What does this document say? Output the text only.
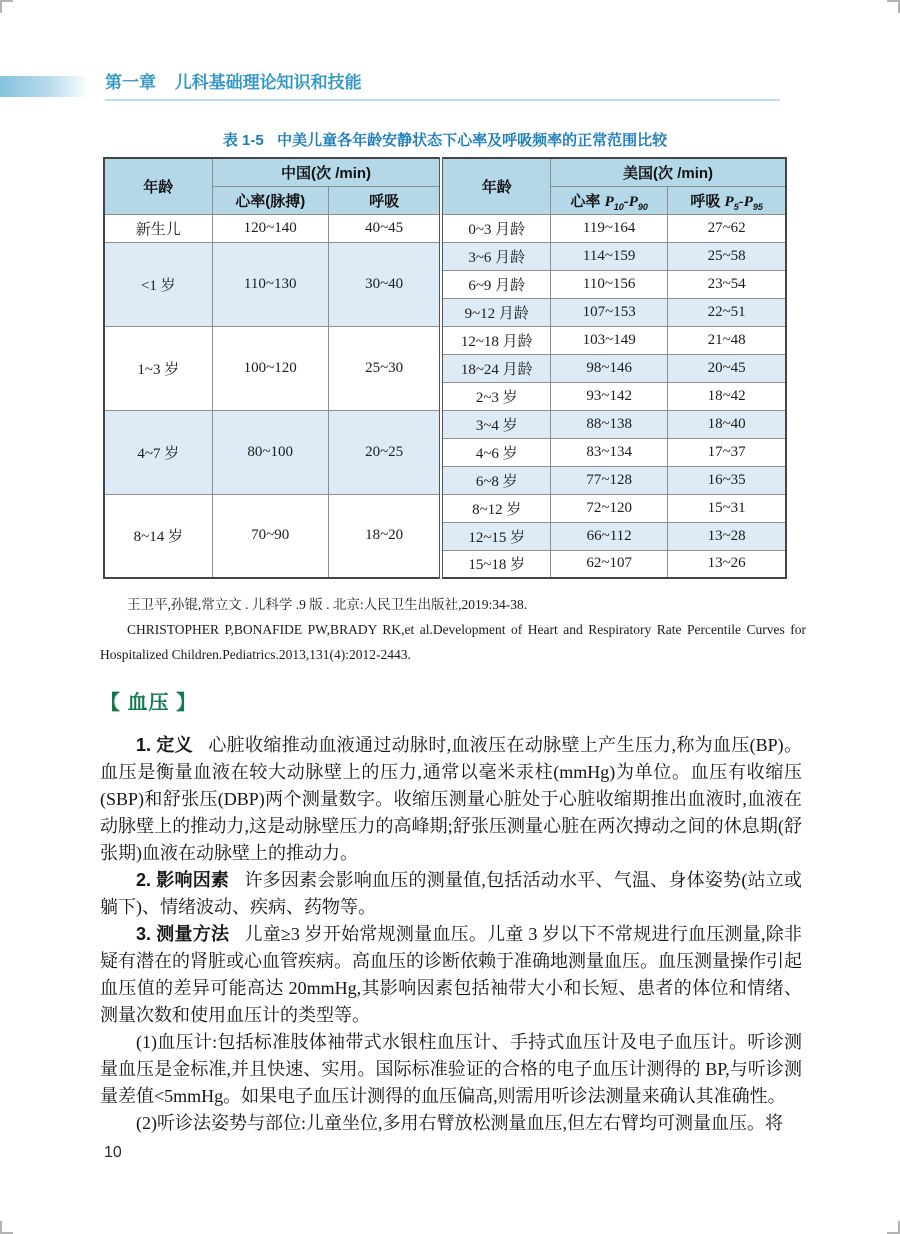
第一章 儿科基础理论知识和技能
表 1-5 中美儿童各年龄安静状态下心率及呼吸频率的正常范围比较
年龄	中国(次 /min)		年龄	美国(次 /min)	
	心率(脉搏)	呼吸		心率 $P_{10}-P_{90}$	呼吸 $P_5-P_{95}$
新生儿	120~140	40~45	0~3 月龄	119~164	27~62
<1 岁	110~130	30~40	3~6 月龄	114~159	25~58
			6~9 月龄	110~156	23~54
			9~12 月龄	107~153	22~51
1~3 岁	100~120	25~30	12~18 月龄	103~149	21~48
			18~24 月龄	98~146	20~45
			2~3 岁	93~142	18~42
4~7 岁	80~100	20~25	3~4 岁	88~138	18~40
			4~6 岁	83~134	17~37
			6~8 岁	77~128	16~35
8~14 岁	70~90	18~20	8~12 岁	72~120	15~31
			12~15 岁	66~112	13~28
			15~18 岁	62~107	13~26

王卫平,孙锟,常立文 . 儿科学 .9 版 . 北京:人民卫生出版社,2019:34-38.

CHRISTOPHER P,BONAFIDE PW,BRADY RK,et al.Development of Heart and Respiratory Rate Percentile Curves for Hospitalized Children.Pediatrics.2013,131(4):2012-2443.

【 血压 】

1. 定义 心脏收缩推动血液通过动脉时,血液压在动脉壁上产生压力,称为血压(BP)。血压是衡量血液在较大动脉壁上的压力,通常以毫米汞柱(mmHg)为单位。血压有收缩压(SBP)和舒张压(DBP)两个测量数字。收缩压测量心脏处于心脏收缩期推出血液时,血液在动脉壁上的推动力,这是动脉壁压力的高峰期;舒张压测量心脏在两次搏动之间的休息期(舒张期)血液在动脉壁上的推动力。

2. 影响因素 许多因素会影响血压的测量值,包括活动水平、气温、身体姿势(站立或躺下)、情绪波动、疾病、药物等。

3. 测量方法 儿童≥3 岁开始常规测量血压。儿童 3 岁以下不常规进行血压测量,除非疑有潜在的肾脏或心血管疾病。高血压的诊断依赖于准确地测量血压。血压测量操作引起血压值的差异可能高达 20mmHg,其影响因素包括袖带大小和长短、患者的体位和情绪、测量次数和使用血压计的类型等。

(1)血压计:包括标准肢体袖带式水银柱血压计、手持式血压计及电子血压计。听诊测量血压是金标准,并且快速、实用。国际标准验证的合格的电子血压计测得的 BP,与听诊测量差值<5mmHg。如果电子血压计测得的血压偏高,则需用听诊法测量来确认其准确性。

(2)听诊法姿势与部位:儿童坐位,多用右臂放松测量血压,但左右臂均可测量血压。将

10
